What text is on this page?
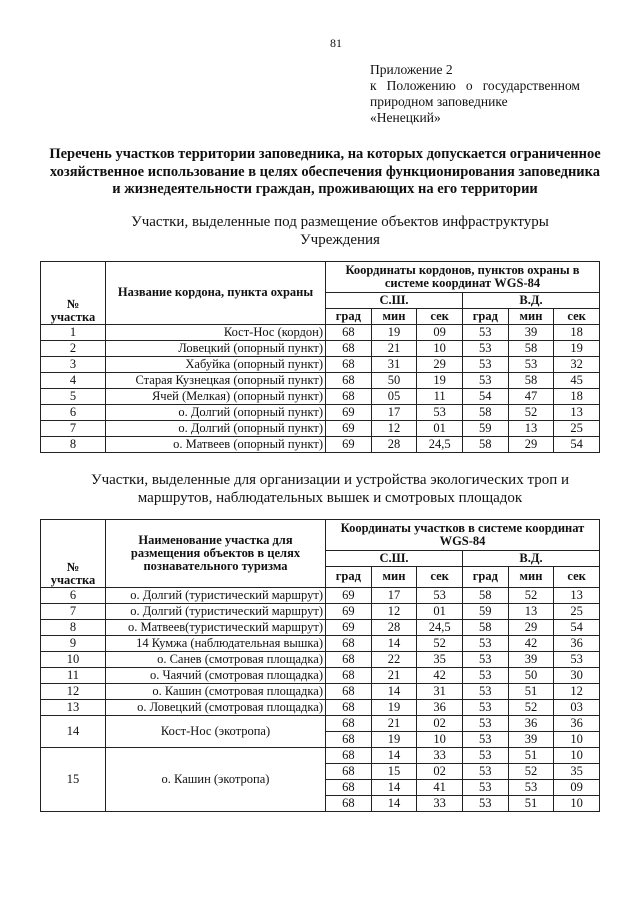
81
Приложение 2
к Положению о государственном
природном заповеднике «Ненецкий»
Перечень участков территории заповедника, на которых допускается ограниченное хозяйственное использование в целях обеспечения функционирования заповедника и жизнедеятельности граждан, проживающих на его территории
Участки, выделенные под размещение объектов инфраструктуры Учреждения
№ участка	Название кордона, пункта охраны	Координаты кордонов, пунктов охраны в системе координат WGS-84					
		С.Ш.			В.Д.		
		град	мин	сек	град	мин	сек
1	Кост-Нос (кордон)	68	19	09	53	39	18
2	Ловецкий (опорный пункт)	68	21	10	53	58	19
3	Хабуйка (опорный пункт)	68	31	29	53	53	32
4	Старая Кузнецкая (опорный пункт)	68	50	19	53	58	45
5	Ячей (Мелкая) (опорный пункт)	68	05	11	54	47	18
6	о. Долгий (опорный пункт)	69	17	53	58	52	13
7	о. Долгий (опорный пункт)	69	12	01	59	13	25
8	о. Матвеев (опорный пункт)	69	28	24,5	58	29	54
Участки, выделенные для организации и устройства экологических троп и маршрутов, наблюдательных вышек и смотровых площадок
№ участка	Наименование участка для размещения объектов в целях познавательного туризма	Координаты участков в системе координат WGS-84					
		С.Ш.			В.Д.		
		град	мин	сек	град	мин	сек
6	о. Долгий (туристический маршрут)	69	17	53	58	52	13
7	о. Долгий (туристический маршрут)	69	12	01	59	13	25
8	о. Матвеев(туристический маршрут)	69	28	24,5	58	29	54
9	14 Кумжа (наблюдательная вышка)	68	14	52	53	42	36
10	о. Санев (смотровая площадка)	68	22	35	53	39	53
11	о. Чаячий (смотровая площадка)	68	21	42	53	50	30
12	о. Кашин (смотровая площадка)	68	14	31	53	51	12
13	о. Ловецкий (смотровая площадка)	68	19	36	53	52	03
14	Кост-Нос (экотропа)	68	21	02	53	36	36
		68	19	10	53	39	10
15	о. Кашин (экотропа)	68	14	33	53	51	10
		68	15	02	53	52	35
		68	14	41	53	53	09
		68	14	33	53	51	10
